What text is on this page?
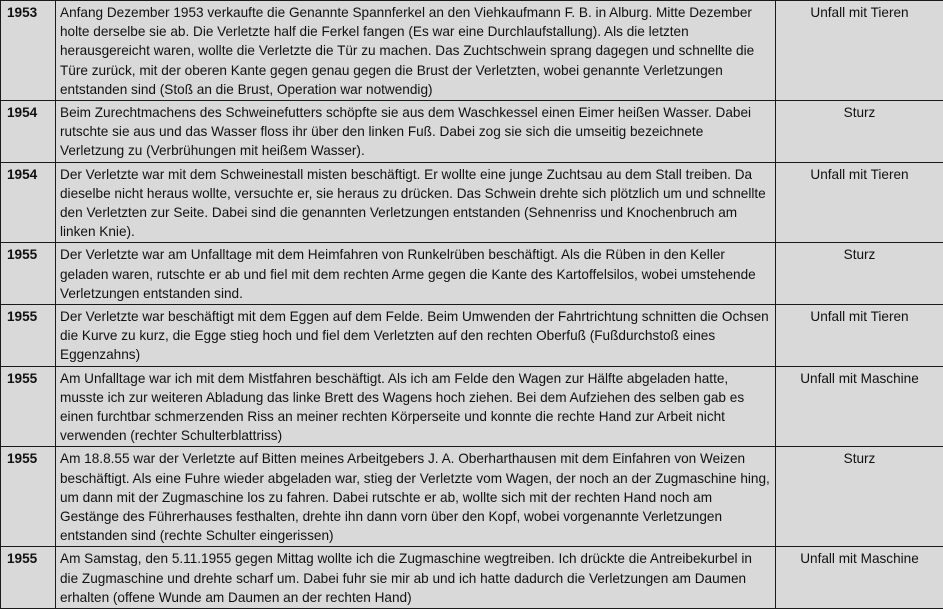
1953	Anfang Dezember 1953 verkaufte die Genannte Spannferkel an den Viehkaufmann F. B. in Alburg. Mitte Dezember holte derselbe sie ab. Die Verletzte half die Ferkel fangen (Es war eine Durchlaufstallung). Als die letzten herausgereicht waren, wollte die Verletzte die Tür zu machen. Das Zuchtschwein sprang dagegen und schnellte die Türe zurück, mit der oberen Kante gegen genau gegen die Brust der Verletzten, wobei genannte Verletzungen entstanden sind (Stoß an die Brust, Operation war notwendig)	Unfall mit Tieren
1954	Beim Zurechtmachens des Schweinefutters schöpfte sie aus dem Waschkessel einen Eimer heißen Wasser. Dabei rutschte sie aus und das Wasser floss ihr über den linken Fuß. Dabei zog sie sich die umseitig bezeichnete Verletzung zu (Verbrühungen mit heißem Wasser).	Sturz
1954	Der Verletzte war mit dem Schweinestall misten beschäftigt. Er wollte eine junge Zuchtsau au dem Stall treiben. Da dieselbe nicht heraus wollte, versuchte er, sie heraus zu drücken. Das Schwein drehte sich plötzlich um und schnellte den Verletzten zur Seite. Dabei sind die genannten Verletzungen entstanden (Sehnenriss und Knochenbruch am linken Knie).	Unfall mit Tieren
1955	Der Verletzte war am Unfalltage mit dem Heimfahren von Runkelrüben beschäftigt. Als die Rüben in den Keller geladen waren, rutschte er ab und fiel mit dem rechten Arme gegen die Kante des Kartoffelsilos, wobei umstehende Verletzungen entstanden sind.	Sturz
1955	Der Verletzte war beschäftigt mit dem Eggen auf dem Felde. Beim Umwenden der Fahrtrichtung schnitten die Ochsen die Kurve zu kurz, die Egge stieg hoch und fiel dem Verletzten auf den rechten Oberfuß (Fußdurchstoß eines Eggenzahns)	Unfall mit Tieren
1955	Am Unfalltage war ich mit dem Mistfahren beschäftigt. Als ich am Felde den Wagen zur Hälfte abgeladen hatte, musste ich zur weiteren Abladung das linke Brett des Wagens hoch ziehen. Bei dem Aufziehen des selben gab es einen furchtbar schmerzenden Riss an meiner rechten Körperseite und konnte die rechte Hand zur Arbeit nicht verwenden (rechter Schulterblattriss)	Unfall mit Maschine
1955	Am 18.8.55 war der Verletzte auf Bitten meines Arbeitgebers J. A. Oberharthausen mit dem Einfahren von Weizen beschäftigt. Als eine Fuhre wieder abgeladen war, stieg der Verletzte vom Wagen, der noch an der Zugmaschine hing, um dann mit der Zugmaschine los zu fahren. Dabei rutschte er ab, wollte sich mit der rechten Hand noch am Gestänge des Führerhauses festhalten, drehte ihn dann vorn über den Kopf, wobei vorgenannte Verletzungen entstanden sind (rechte Schulter eingerissen)	Sturz
1955	Am Samstag, den 5.11.1955 gegen Mittag wollte ich die Zugmaschine wegtreiben. Ich drückte die Antreibekurbel in die Zugmaschine und drehte scharf um. Dabei fuhr sie mir ab und ich hatte dadurch die Verletzungen am Daumen erhalten (offene Wunde am Daumen an der rechten Hand)	Unfall mit Maschine
